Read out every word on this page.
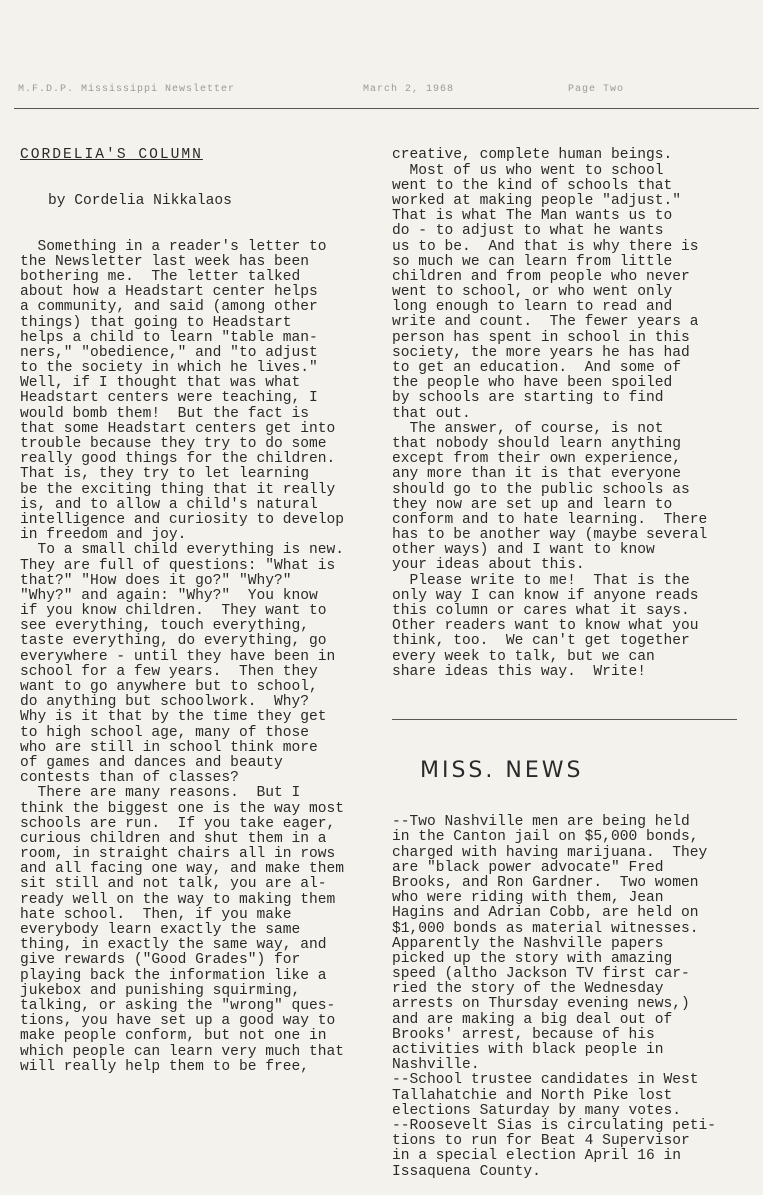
M.F.D.P. Mississippi Newsletter	March 2, 1968	Page Two

CORDELIA'S COLUMN

by Cordelia Nikkalaos

Something in a reader's letter to
the Newsletter last week has been
bothering me.  The letter talked
about how a Headstart center helps
a community, and said (among other
things) that going to Headstart
helps a child to learn "table man-
ners," "obedience," and "to adjust
to the society in which he lives."
Well, if I thought that was what
Headstart centers were teaching, I
would bomb them!  But the fact is
that some Headstart centers get into
trouble because they try to do some
really good things for the children.
That is, they try to let learning
be the exciting thing that it really
is, and to allow a child's natural
intelligence and curiosity to develop
in freedom and joy.
To a small child everything is new.
They are full of questions: "What is
that?" "How does it go?" "Why?"
"Why?" and again: "Why?"  You know
if you know children.  They want to
see everything, touch everything,
taste everything, do everything, go
everywhere - until they have been in
school for a few years.  Then they
want to go anywhere but to school,
do anything but schoolwork.  Why?
Why is it that by the time they get
to high school age, many of those
who are still in school think more
of games and dances and beauty
contests than of classes?
There are many reasons.  But I
think the biggest one is the way most
schools are run.  If you take eager,
curious children and shut them in a
room, in straight chairs all in rows
and all facing one way, and make them
sit still and not talk, you are al-
ready well on the way to making them
hate school.  Then, if you make
everybody learn exactly the same
thing, in exactly the same way, and
give rewards ("Good Grades") for
playing back the information like a
jukebox and punishing squirming,
talking, or asking the "wrong" ques-
tions, you have set up a good way to
make people conform, but not one in
which people can learn very much that
will really help them to be free,

creative, complete human beings.
Most of us who went to school
went to the kind of schools that
worked at making people "adjust."
That is what The Man wants us to
do - to adjust to what he wants
us to be.  And that is why there is
so much we can learn from little
children and from people who never
went to school, or who went only
long enough to learn to read and
write and count.  The fewer years a
person has spent in school in this
society, the more years he has had
to get an education.  And some of
the people who have been spoiled
by schools are starting to find
that out.
The answer, of course, is not
that nobody should learn anything
except from their own experience,
any more than it is that everyone
should go to the public schools as
they now are set up and learn to
conform and to hate learning.  There
has to be another way (maybe several
other ways) and I want to know
your ideas about this.
Please write to me!  That is the
only way I can know if anyone reads
this column or cares what it says.
Other readers want to know what you
think, too.  We can't get together
every week to talk, but we can
share ideas this way.  Write!

MISS. NEWS

--Two Nashville men are being held
in the Canton jail on $5,000 bonds,
charged with having marijuana.  They
are "black power advocate" Fred
Brooks, and Ron Gardner.  Two women
who were riding with them, Jean
Hagins and Adrian Cobb, are held on
$1,000 bonds as material witnesses.
Apparently the Nashville papers
picked up the story with amazing
speed (altho Jackson TV first car-
ried the story of the Wednesday
arrests on Thursday evening news,)
and are making a big deal out of
Brooks' arrest, because of his
activities with black people in
Nashville.
--School trustee candidates in West
Tallahatchie and North Pike lost
elections Saturday by many votes.
--Roosevelt Sias is circulating peti-
tions to run for Beat 4 Supervisor
in a special election April 16 in
Issaquena County.
